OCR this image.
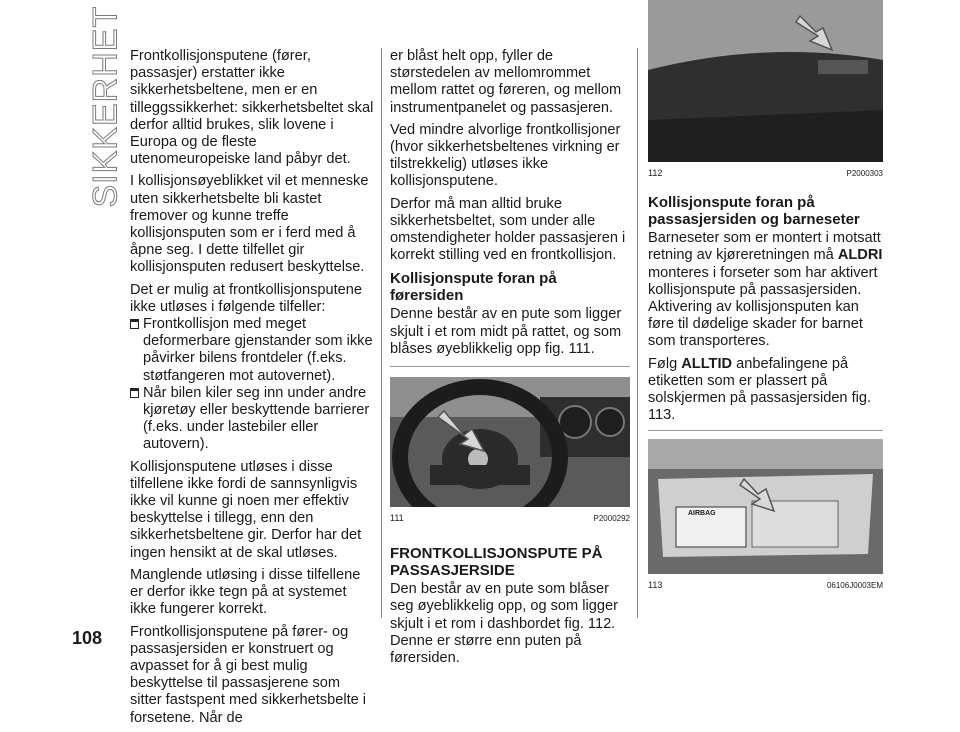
SIKKERHET Frontkollisjonsputene (fører, passasjer) erstatter ikke sikkerhetsbeltene, men er en tilleggssikkerhet: sikkerhetsbeltet skal derfor alltid brukes, slik lovene i Europa og de fleste utenomeuropeiske land påbyr det.

I kollisjonsøyeblikket vil et menneske uten sikkerhetsbelte bli kastet fremover og kunne treffe kollisjonsputen som er i ferd med å åpne seg. I dette tilfellet gir kollisjonsputen redusert beskyttelse.

Det er mulig at frontkollisjonsputene ikke utløses i følgende tilfeller:

Frontkollisjon med meget deformerbare gjenstander som ikke påvirker bilens frontdeler (f.eks. støtfangeren mot autovernet).
Når bilen kiler seg inn under andre kjøretøy eller beskyttende barrierer (f.eks. under lastebiler eller autovern).

Kollisjonsputene utløses i disse tilfellene ikke fordi de sannsynligvis ikke vil kunne gi noen mer effektiv beskyttelse i tillegg, enn den sikkerhetsbeltene gir. Derfor har det ingen hensikt at de skal utløses.

Manglende utløsing i disse tilfellene er derfor ikke tegn på at systemet ikke fungerer korrekt.

Frontkollisjonsputene på fører- og passasjersiden er konstruert og avpasset for å gi best mulig beskyttelse til passasjerene som sitter fastspent med sikkerhetsbelte i forsetene. Når de

er blåst helt opp, fyller de størstedelen av mellomrommet mellom rattet og føreren, og mellom instrumentpanelet og passasjeren.

Ved mindre alvorlige frontkollisjoner (hvor sikkerhetsbeltenes virkning er tilstrekkelig) utløses ikke kollisjonsputene.

Derfor må man alltid bruke sikkerhetsbeltet, som under alle omstendigheter holder passasjeren i korrekt stilling ved en frontkollisjon.

Kollisjonspute foran på førersiden

Denne består av en pute som ligger skjult i et rom midt på rattet, og som blåses øyeblikkelig opp fig. 111.

111	P2000292
FRONTKOLLISJONSPUTE PÅ PASSASJERSIDE

Den består av en pute som blåser seg øyeblikkelig opp, og som ligger skjult i et rom i dashbordet fig. 112. Denne er større enn puten på førersiden.

112	P2000303
Kollisjonspute foran på passasjersiden og barneseter

Barneseter som er montert i motsatt retning av kjøreretningen må ALDRI monteres i forseter som har aktivert kollisjonspute på passasjersiden. Aktivering av kollisjonsputen kan føre til dødelige skader for barnet som transporteres.

Følg ALLTID anbefalingene på etiketten som er plassert på solskjermen på passasjersiden fig. 113.

AIRBAG
113	06106J0003EM
108
